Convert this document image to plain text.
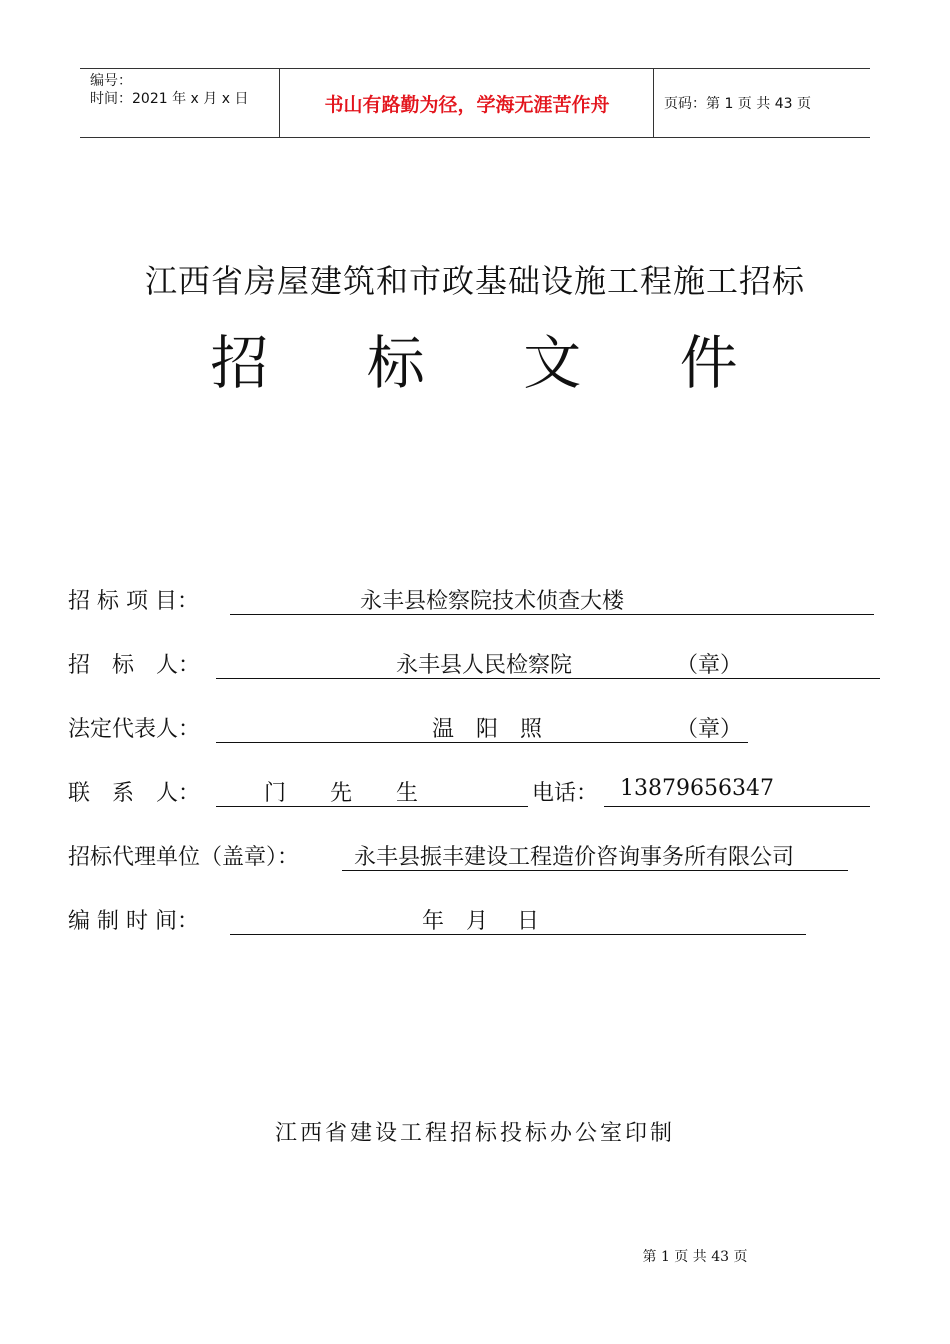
编号：
时间：2021 年 x 月 x 日	书山有路勤为径，学海无涯苦作舟	页码：第 1 页 共 43 页
江西省房屋建筑和市政基础设施工程施工招标
招 标 文 件
招 标 项 目：	永丰县检察院技术侦查大楼
招　标　人：	永丰县人民检察院	（章）
法定代表人：	温　阳　照	（章）
联　系　人：	门　　先　　生	电话： 13879656347
招标代理单位（盖章）： 永丰县振丰建设工程造价咨询事务所有限公司
编 制 时 间：	年　月　 日
江西省建设工程招标投标办公室印制
第 1 页 共 43 页
